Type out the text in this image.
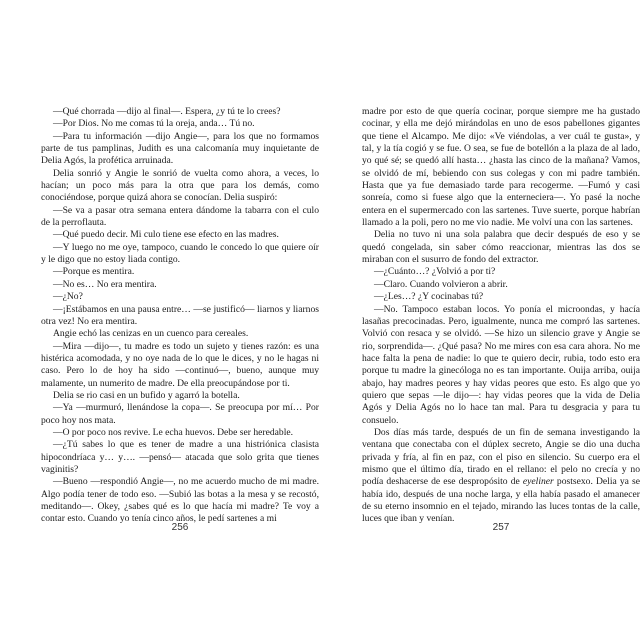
—Qué chorrada —dijo al final—. Espera, ¿y tú te lo crees?

—Por Dios. No me comas tú la oreja, anda… Tú no.

—Para tu información —dijo Angie—, para los que no formamos parte de tus pamplinas, Judith es una calcomanía muy inquietante de Delia Agós, la profética arruinada.

Delia sonrió y Angie le sonrió de vuelta como ahora, a veces, lo hacían; un poco más para la otra que para los demás, como conociéndose, porque quizá ahora se conocían. Delia suspiró:

—Se va a pasar otra semana entera dándome la tabarra con el culo de la perroflauta.

—Qué puedo decir. Mi culo tiene ese efecto en las madres.

—Y luego no me oye, tampoco, cuando le concedo lo que quiere oír y le digo que no estoy liada contigo.

—Porque es mentira.

—No es… No era mentira.

—¿No?

—¡Estábamos en una pausa entre… —se justificó— liarnos y liarnos otra vez! No era mentira.

Angie echó las cenizas en un cuenco para cereales.

—Mira —dijo—, tu madre es todo un sujeto y tienes razón: es una histérica acomodada, y no oye nada de lo que le dices, y no le hagas ni caso. Pero lo de hoy ha sido —continuó—, bueno, aunque muy malamente, un numerito de madre. De ella preocupándose por ti.

Delia se rio casi en un bufido y agarró la botella.

—Ya —murmuró, llenándose la copa—. Se preocupa por mí… Por poco hoy nos mata.

—O por poco nos revive. Le echa huevos. Debe ser heredable.

—¿Tú sabes lo que es tener de madre a una histriónica clasista hipocondríaca y… y…. —pensó— atacada que solo grita que tienes vaginitis?

—Bueno —respondió Angie—, no me acuerdo mucho de mi madre. Algo podía tener de todo eso. —Subió las botas a la mesa y se recostó, meditando—. Okey, ¿sabes qué es lo que hacía mi madre? Te voy a contar esto. Cuando yo tenía cinco años, le pedí sartenes a mi

256

madre por esto de que quería cocinar, porque siempre me ha gustado cocinar, y ella me dejó mirándolas en uno de esos pabellones gigantes que tiene el Alcampo. Me dijo: «Ve viéndolas, a ver cuál te gusta», y tal, y la tía cogió y se fue. O sea, se fue de botellón a la plaza de al lado, yo qué sé; se quedó allí hasta… ¿hasta las cinco de la mañana? Vamos, se olvidó de mí, bebiendo con sus colegas y con mi padre también. Hasta que ya fue demasiado tarde para recogerme. —Fumó y casi sonreía, como si fuese algo que la enterneciera—. Yo pasé la noche entera en el supermercado con las sartenes. Tuve suerte, porque habrían llamado a la poli, pero no me vio nadie. Me volví una con las sartenes.

Delia no tuvo ni una sola palabra que decir después de eso y se quedó congelada, sin saber cómo reaccionar, mientras las dos se miraban con el susurro de fondo del extractor.

—¿Cuánto…? ¿Volvió a por ti?

—Claro. Cuando volvieron a abrir.

—¿Les…? ¿Y cocinabas tú?

—No. Tampoco estaban locos. Yo ponía el microondas, y hacía lasañas precocinadas. Pero, igualmente, nunca me compró las sartenes. Volvió con resaca y se olvidó. —Se hizo un silencio grave y Angie se rio, sorprendida—. ¿Qué pasa? No me mires con esa cara ahora. No me hace falta la pena de nadie: lo que te quiero decir, rubia, todo esto era porque tu madre la ginecóloga no es tan importante. Ouija arriba, ouija abajo, hay madres peores y hay vidas peores que esto. Es algo que yo quiero que sepas —le dijo—: hay vidas peores que la vida de Delia Agós y Delia Agós no lo hace tan mal. Para tu desgracia y para tu consuelo.

Dos días más tarde, después de un fin de semana investigando la ventana que conectaba con el dúplex secreto, Angie se dio una ducha privada y fría, al fin en paz, con el piso en silencio. Su cuerpo era el mismo que el último día, tirado en el rellano: el pelo no crecía y no podía deshacerse de ese despropósito de eyeliner postsexo. Delia ya se había ido, después de una noche larga, y ella había pasado el amanecer de su eterno insomnio en el tejado, mirando las luces tontas de la calle, luces que iban y venían.

257
